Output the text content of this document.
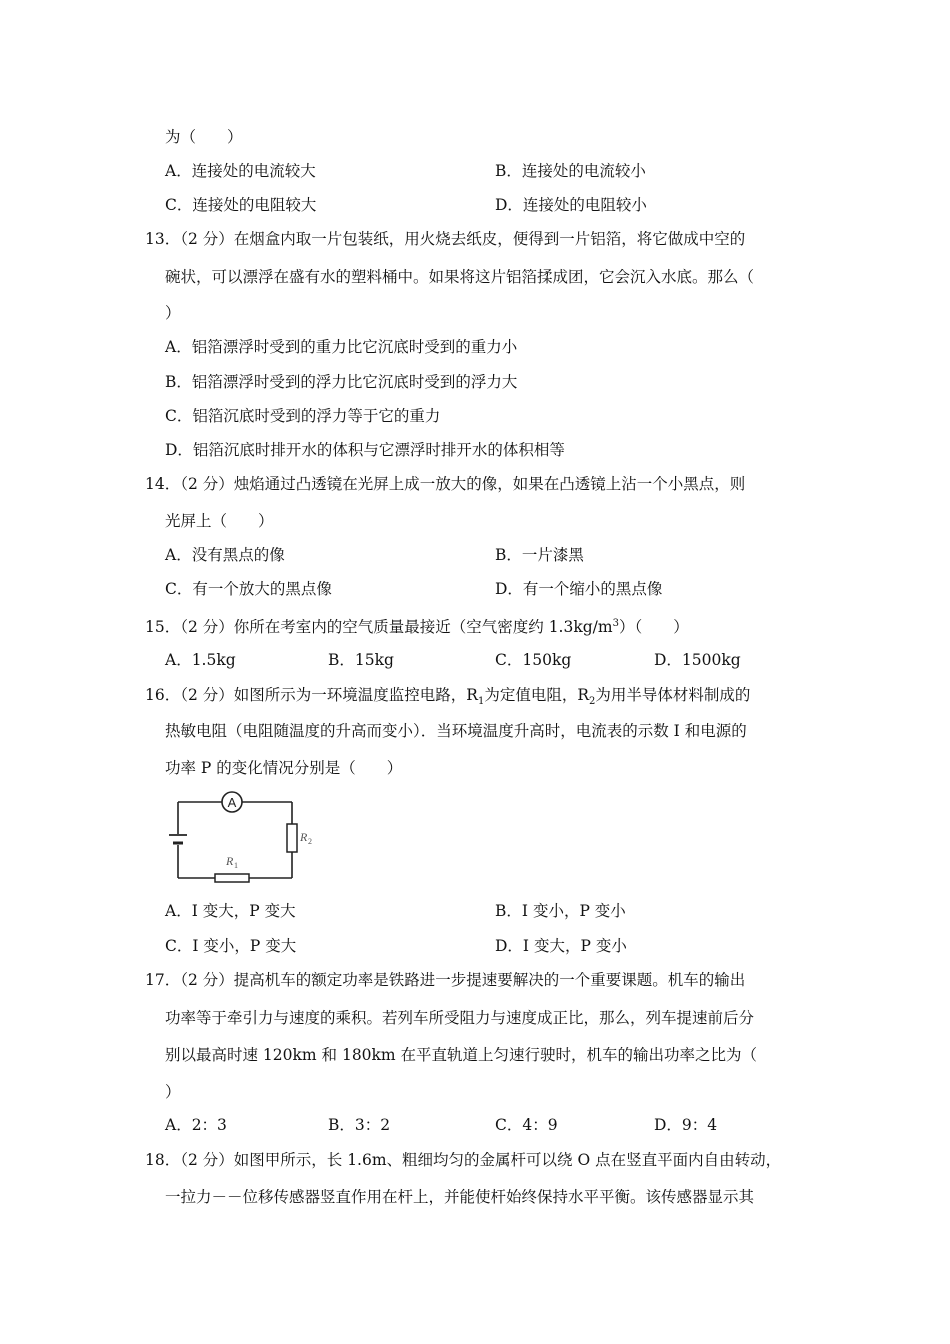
为（　　）
A．连接处的电流较大	B．连接处的电流较小
C．连接处的电阻较大	D．连接处的电阻较小
13．（2 分）在烟盒内取一片包装纸，用火烧去纸皮，便得到一片铝箔，将它做成中空的
碗状，可以漂浮在盛有水的塑料桶中。如果将这片铝箔揉成团，它会沉入水底。那么（
）
A．铝箔漂浮时受到的重力比它沉底时受到的重力小
B．铝箔漂浮时受到的浮力比它沉底时受到的浮力大
C．铝箔沉底时受到的浮力等于它的重力
D．铝箔沉底时排开水的体积与它漂浮时排开水的体积相等
14．（2 分）烛焰通过凸透镜在光屏上成一放大的像，如果在凸透镜上沾一个小黑点，则
光屏上（　　）
A．没有黑点的像	B．一片漆黑
C．有一个放大的黑点像	D．有一个缩小的黑点像
15．（2 分）你所在考室内的空气质量最接近（空气密度约 $1.3kg/m^3$）（　　）
A．1.5kg	B．15kg	C．150kg	D．1500kg
16．（2 分）如图所示为一环境温度监控电路，$R_1$为定值电阻，$R_2$为用半导体材料制成的
热敏电阻（电阻随温度的升高而变小）．当环境温度升高时，电流表的示数 I 和电源的
功率 P 的变化情况分别是（　　）
A
R 2
R 1
A．I 变大，P 变大	B．I 变小，P 变小
C．I 变小，P 变大	D．I 变大，P 变小
17．（2 分）提高机车的额定功率是铁路进一步提速要解决的一个重要课题。机车的输出
功率等于牵引力与速度的乘积。若列车所受阻力与速度成正比，那么，列车提速前后分
别以最高时速 120km 和 180km 在平直轨道上匀速行驶时，机车的输出功率之比为（
）
A．2：3	B．3：2	C．4：9	D．9：4
18．（2 分）如图甲所示，长 1.6m、粗细均匀的金属杆可以绕 O 点在竖直平面内自由转动，
一拉力－－位移传感器竖直作用在杆上，并能使杆始终保持水平平衡。该传感器显示其
